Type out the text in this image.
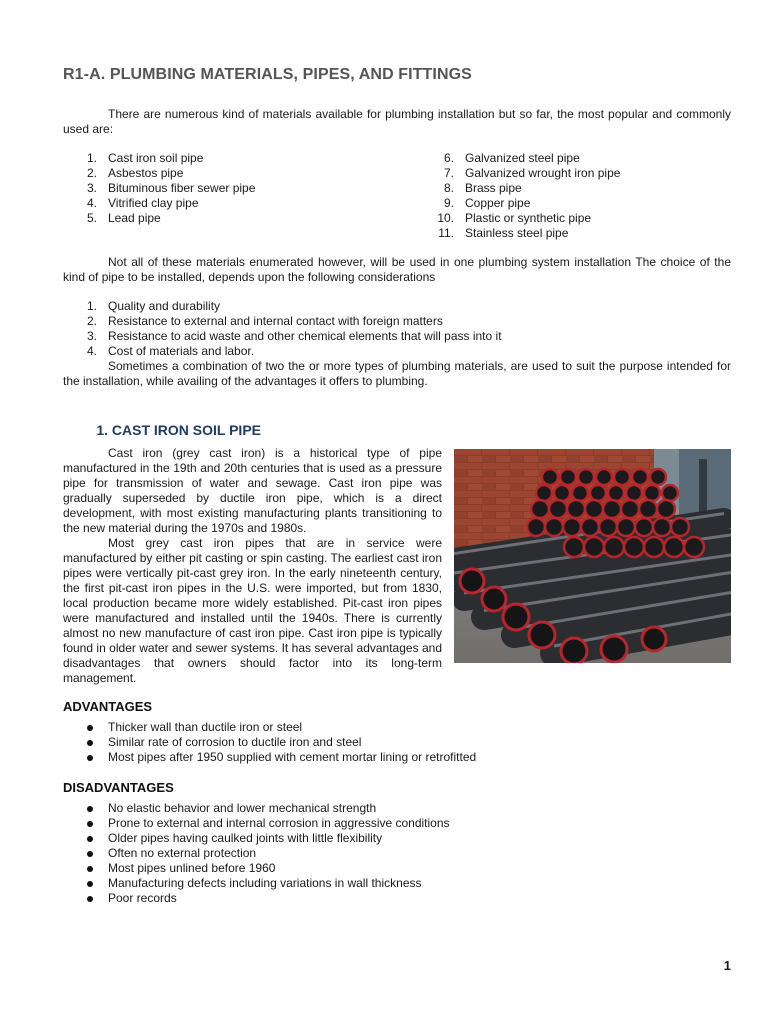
R1-A. PLUMBING MATERIALS, PIPES, AND FITTINGS

There are numerous kind of materials available for plumbing installation but so far, the most popular and commonly used are:

1. Cast iron soil pipe
2. Asbestos pipe
3. Bituminous fiber sewer pipe
4. Vitrified clay pipe
5. Lead pipe
6. Galvanized steel pipe
7. Galvanized wrought iron pipe
8. Brass pipe
9. Copper pipe
10. Plastic or synthetic pipe
11. Stainless steel pipe

Not all of these materials enumerated however, will be used in one plumbing system installation The choice of the kind of pipe to be installed, depends upon the following considerations

1. Quality and durability
2. Resistance to external and internal contact with foreign matters
3. Resistance to acid waste and other chemical elements that will pass into it
4. Cost of materials and labor.

Sometimes a combination of two the or more types of plumbing materials, are used to suit the purpose intended for the installation, while availing of the advantages it offers to plumbing.

1. CAST IRON SOIL PIPE

Cast iron (grey cast iron) is a historical type of pipe manufactured in the 19th and 20th centuries that is used as a pressure pipe for transmission of water and sewage. Cast iron pipe was gradually superseded by ductile iron pipe, which is a direct development, with most existing manufacturing plants transitioning to the new material during the 1970s and 1980s.

Most grey cast iron pipes that are in service were manufactured by either pit casting or spin casting. The earliest cast iron pipes were vertically pit-cast grey iron. In the early nineteenth century, the first pit-cast iron pipes in the U.S. were imported, but from 1830, local production became more widely established. Pit-cast iron pipes were manufactured and installed until the 1940s. There is currently almost no new manufacture of cast iron pipe. Cast iron pipe is typically found in older water and sewer systems. It has several advantages and disadvantages that owners should factor into its long-term management.

ADVANTAGES
Thicker wall than ductile iron or steel
Similar rate of corrosion to ductile iron and steel
Most pipes after 1950 supplied with cement mortar lining or retrofitted
DISADVANTAGES
No elastic behavior and lower mechanical strength
Prone to external and internal corrosion in aggressive conditions
Older pipes having caulked joints with little flexibility
Often no external protection
Most pipes unlined before 1960
Manufacturing defects including variations in wall thickness
Poor records
1
